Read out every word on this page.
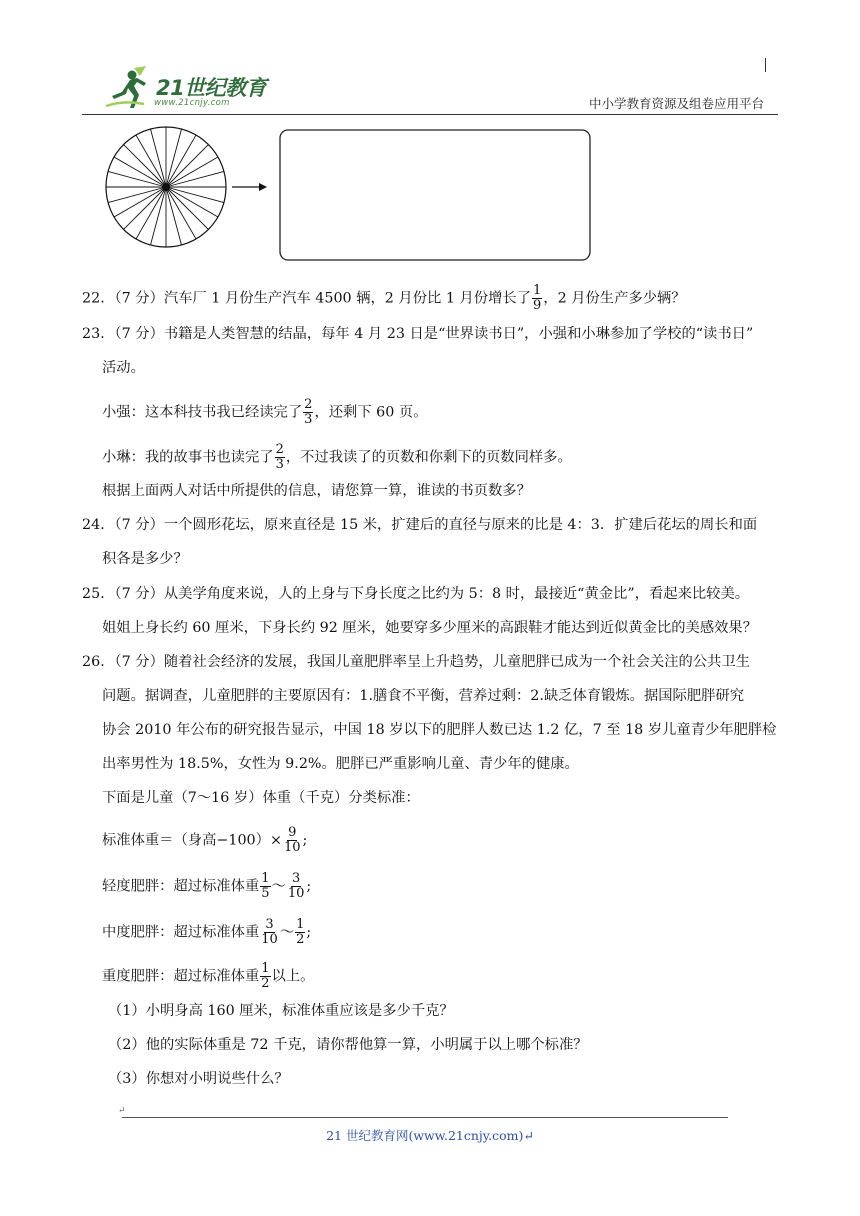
21世纪教育
www.21cnjy.com	中小学教育资源及组卷应用平台
22．（7 分）汽车厂 1 月份生产汽车 4500 辆，2 月份比 1 月份增长了 $\frac{1}{9}$ ，2 月份生产多少辆？
23．（7 分）书籍是人类智慧的结晶，每年 4 月 23 日是“世界读书日”，小强和小琳参加了学校的“读书日”
活动。
小强：这本科技书我已经读完了 $\frac{2}{3}$ ，还剩下 60 页。
小琳：我的故事书也读完了 $\frac{2}{3}$ ，不过我读了的页数和你剩下的页数同样多。
根据上面两人对话中所提供的信息，请您算一算，谁读的书页数多？
24．（7 分）一个圆形花坛，原来直径是 15 米，扩建后的直径与原来的比是 4：3．扩建后花坛的周长和面
积各是多少？
25．（7 分）从美学角度来说，人的上身与下身长度之比约为 5：8 时，最接近“黄金比”，看起来比较美。
姐姐上身长约 60 厘米，下身长约 92 厘米，她要穿多少厘米的高跟鞋才能达到近似黄金比的美感效果？
26．（7 分）随着社会经济的发展，我国儿童肥胖率呈上升趋势，儿童肥胖已成为一个社会关注的公共卫生
问题。据调查，儿童肥胖的主要原因有：1.膳食不平衡，营养过剩：2.缺乏体育锻炼。据国际肥胖研究
协会 2010 年公布的研究报告显示，中国 18 岁以下的肥胖人数已达 1.2 亿，7 至 18 岁儿童青少年肥胖检
出率男性为 18.5%，女性为 9.2%。肥胖已严重影响儿童、青少年的健康。
下面是儿童（7～16 岁）体重（千克）分类标准：
标准体重＝（身高$-100)\times \frac{9}{10}$ ;
轻度肥胖：超过标准体重 $\frac{1}{5}$ ～ $\frac{3}{10}$ ;
中度肥胖：超过标准体重 $\frac{3}{10}$ ～ $\frac{1}{2}$ ;
重度肥胖：超过标准体重 $\frac{1}{2}$ 以上。
（1）小明身高 160 厘米，标准体重应该是多少千克？
（2）他的实际体重是 72 千克，请你帮他算一算，小明属于以上哪个标准？
（3）你想对小明说些什么？
↵
21 世纪教育网(www.21cnjy.com)↵
